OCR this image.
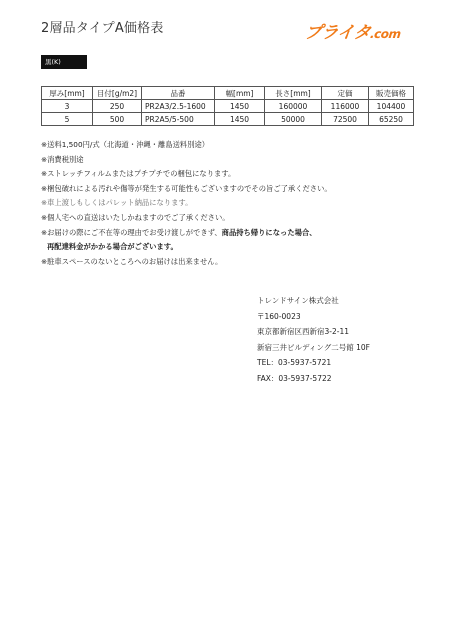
2層品タイプA価格表	プライタ.com
黒(K)
厚み[mm]	目付[g/m2]	品番	幅[mm]	長さ[mm]	定価	販売価格
3	250	PR2A3/2.5-1600	1450	160000	116000	104400
5	500	PR2A5/5-500	1450	50000	72500	65250
※送料1,500円/式（北海道・沖縄・離島送料別途）
※消費税別途
※ストレッチフィルムまたはプチプチでの梱包になります。
※梱包破れによる汚れや傷等が発生する可能性もございますのでその旨ご了承ください。
※車上渡しもしくはパレット納品になります。
※個人宅への直送はいたしかねますのでご了承ください。
※お届けの際にご不在等の理由でお受け渡しができず、商品持ち帰りになった場合、
再配達料金がかかる場合がございます。
※駐車スペースのないところへのお届けは出来ません。
トレンドサイン株式会社
〒160-0023
東京都新宿区西新宿3-2-11
新宿三井ビルディング二号館 10F
TEL：03-5937-5721
FAX：03-5937-5722
